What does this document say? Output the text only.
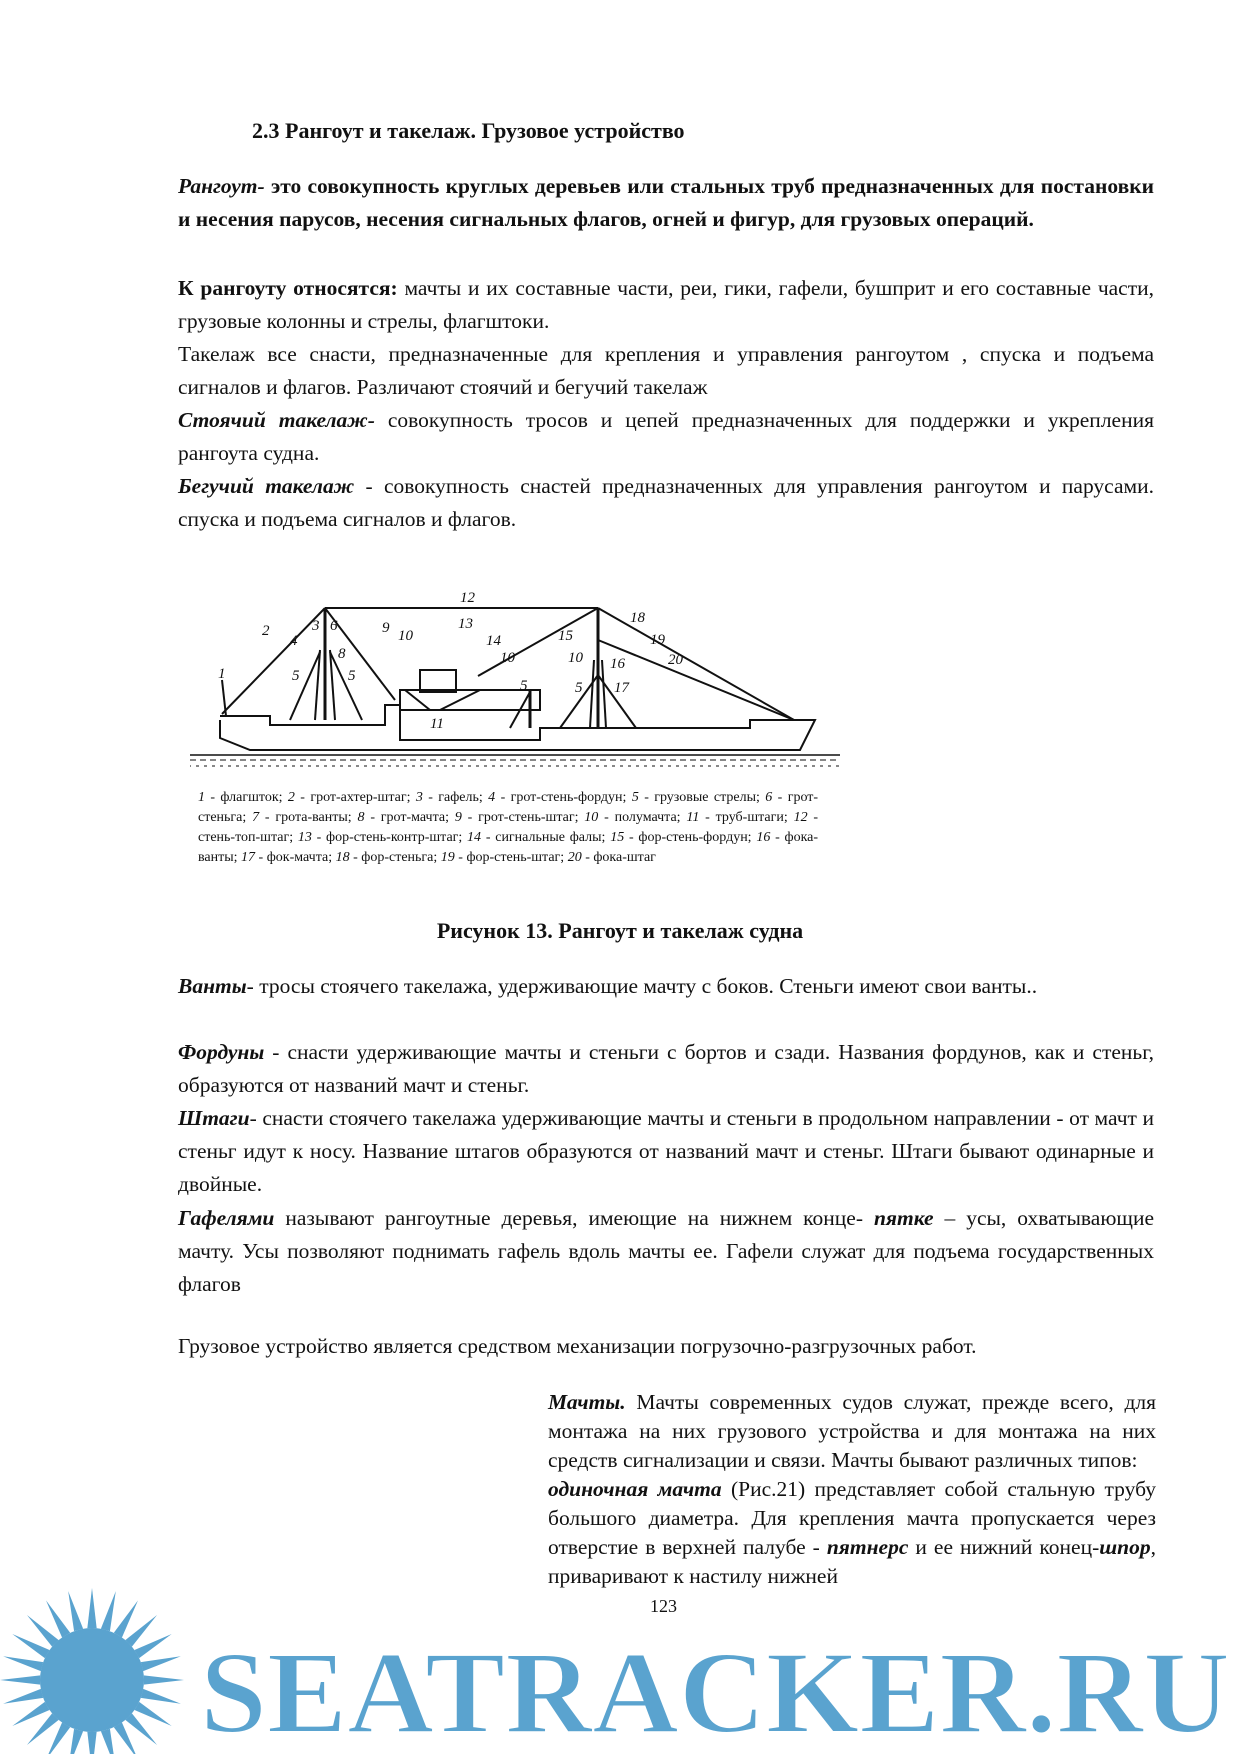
2.3 Рангоут и такелаж. Грузовое устройство

Рангоут- это совокупность круглых деревьев или стальных труб предназначенных для постановки и несения парусов, несения сигнальных флагов, огней и фигур, для грузовых операций.

К рангоуту относятся: мачты и их составные части, реи, гики, гафели, бушприт и его составные части, грузовые колонны и стрелы, флагштоки.

Такелаж все снасти, предназначенные для крепления и управления рангоутом , спуска и подъема сигналов и флагов. Различают стоячий и бегучий такелаж

Стоячий такелаж- совокупность тросов и цепей предназначенных для поддержки и укрепления рангоута судна.

Бегучий такелаж - совокупность снастей предназначенных для управления рангоутом и парусами. спуска и подъема сигналов и флагов.

1
2	3
4
5	5
5	5
6
8
9 10
10	10
11
12
13
14	15
16
17
18
19
20

1 - флагшток; 2 - грот-ахтер-штаг; 3 - гафель; 4 - грот-стень-фордун; 5 - грузовые стрелы; 6 - грот-стеньга; 7 - грота-ванты; 8 - грот-мачта; 9 - грот-стень-штаг; 10 - полумачта; 11 - труб-штаги; 12 - стень-топ-штаг; 13 - фор-стень-контр-штаг; 14 - сигнальные фалы; 15 - фор-стень-фордун; 16 - фока-ванты; 17 - фок-мачта; 18 - фор-стеньга; 19 - фор-стень-штаг; 20 - фока-штаг

Рисунок 13. Рангоут и такелаж судна

Ванты- тросы стоячего такелажа, удерживающие мачту с боков. Стеньги имеют свои ванты..

Фордуны - снасти удерживающие мачты и стеньги с бортов и сзади. Названия фордунов, как и стеньг, образуются от названий мачт и стеньг.

Штаги- снасти стоячего такелажа удерживающие мачты и стеньги в продольном направлении - от мачт и стеньг идут к носу. Название штагов образуются от названий мачт и стеньг. Штаги бывают одинарные и двойные.

Гафелями называют рангоутные деревья, имеющие на нижнем конце- пятке – усы, охватывающие мачту. Усы позволяют поднимать гафель вдоль мачты ее. Гафели служат для подъема государственных флагов

Грузовое устройство является средством механизации погрузочно-разгрузочных работ.

Мачты. Мачты современных судов служат, прежде всего, для монтажа на них грузового устройства и для монтажа на них средств сигнализации и связи. Мачты бывают различных типов:
одиночная мачта (Рис.21) представляет собой стальную трубу большого диаметра. Для крепления мачта пропускается через отверстие в верхней палубе - пятнерс и ее нижний конец-шпор, приваривают к настилу нижней

SEATRACKER.RU
123
